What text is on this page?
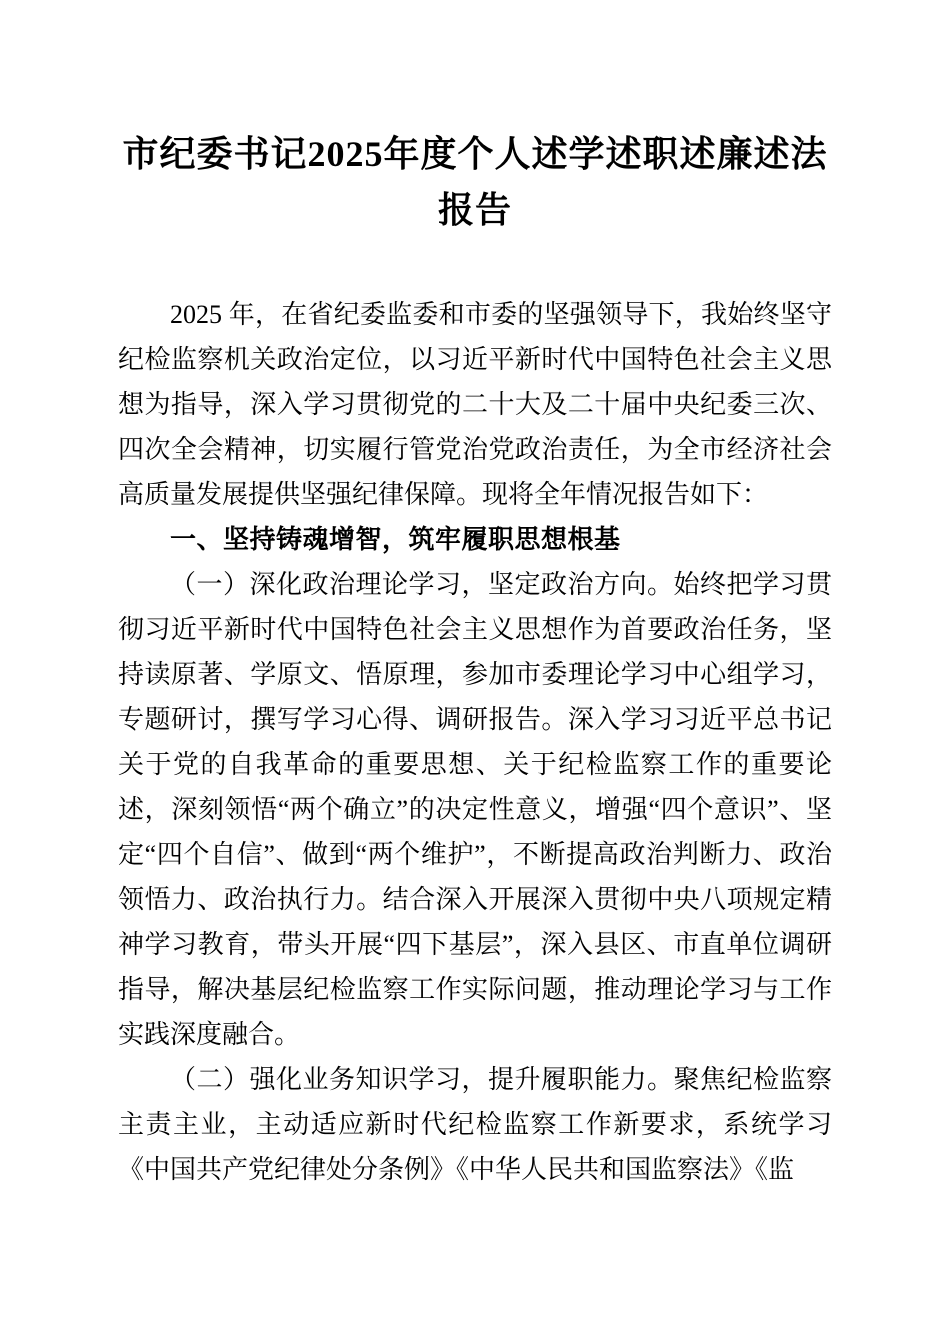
市纪委书记2025年度个人述学述职述廉述法报告

2025 年，在省纪委监委和市委的坚强领导下，我始终坚守纪检监察机关政治定位，以习近平新时代中国特色社会主义思想为指导，深入学习贯彻党的二十大及二十届中央纪委三次、四次全会精神，切实履行管党治党政治责任，为全市经济社会高质量发展提供坚强纪律保障。现将全年情况报告如下：

一、坚持铸魂增智，筑牢履职思想根基

（一）深化政治理论学习，坚定政治方向。始终把学习贯彻习近平新时代中国特色社会主义思想作为首要政治任务，坚持读原著、学原文、悟原理，参加市委理论学习中心组学习，专题研讨，撰写学习心得、调研报告。深入学习习近平总书记关于党的自我革命的重要思想、关于纪检监察工作的重要论述，深刻领悟“两个确立”的决定性意义，增强“四个意识”、坚定“四个自信”、做到“两个维护”，不断提高政治判断力、政治领悟力、政治执行力。结合深入开展深入贯彻中央八项规定精神学习教育，带头开展“四下基层”，深入县区、市直单位调研指导，解决基层纪检监察工作实际问题，推动理论学习与工作实践深度融合。

（二）强化业务知识学习，提升履职能力。聚焦纪检监察主责主业，主动适应新时代纪检监察工作新要求，系统学习《中国共产党纪律处分条例》《中华人民共和国监察法》《监
